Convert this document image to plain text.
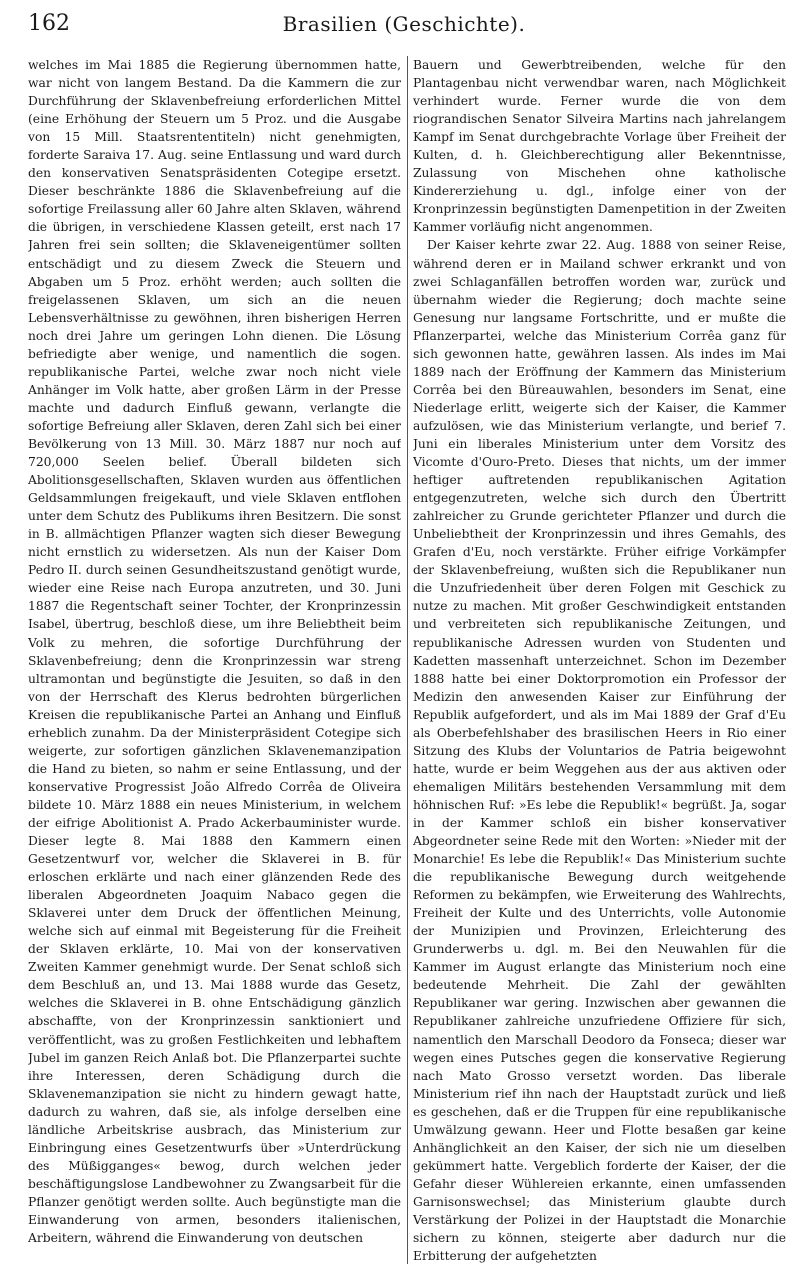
162	Brasilien (Geschichte).

welches im Mai 1885 die Regierung übernommen hatte, war nicht von langem Bestand. Da die Kammern die zur Durchführung der Sklavenbefreiung erforderlichen Mittel (eine Erhöhung der Steuern um 5 Proz. und die Ausgabe von 15 Mill. Staatsrententiteln) nicht genehmigten, forderte Saraiva 17. Aug. seine Entlassung und ward durch den konservativen Senatspräsidenten Cotegipe ersetzt. Dieser beschränkte 1886 die Sklavenbefreiung auf die sofortige Freilassung aller 60 Jahre alten Sklaven, während die übrigen, in verschiedene Klassen geteilt, erst nach 17 Jahren frei sein sollten; die Sklaveneigentümer sollten entschädigt und zu diesem Zweck die Steuern und Abgaben um 5 Proz. erhöht werden; auch sollten die freigelassenen Sklaven, um sich an die neuen Lebensverhältnisse zu gewöhnen, ihren bisherigen Herren noch drei Jahre um geringen Lohn dienen. Die Lösung befriedigte aber wenige, und namentlich die sogen. republikanische Partei, welche zwar noch nicht viele Anhänger im Volk hatte, aber großen Lärm in der Presse machte und dadurch Einfluß gewann, verlangte die sofortige Befreiung aller Sklaven, deren Zahl sich bei einer Bevölkerung von 13 Mill. 30. März 1887 nur noch auf 720,000 Seelen belief. Überall bildeten sich Abolitionsgesellschaften, Sklaven wurden aus öffentlichen Geldsammlungen freigekauft, und viele Sklaven entflohen unter dem Schutz des Publikums ihren Besitzern. Die sonst in B. allmächtigen Pflanzer wagten sich dieser Bewegung nicht ernstlich zu widersetzen. Als nun der Kaiser Dom Pedro II. durch seinen Gesundheitszustand genötigt wurde, wieder eine Reise nach Europa anzutreten, und 30. Juni 1887 die Regentschaft seiner Tochter, der Kronprinzessin Isabel, übertrug, beschloß diese, um ihre Beliebtheit beim Volk zu mehren, die sofortige Durchführung der Sklavenbefreiung; denn die Kronprinzessin war streng ultramontan und begünstigte die Jesuiten, so daß in den von der Herrschaft des Klerus bedrohten bürgerlichen Kreisen die republikanische Partei an Anhang und Einfluß erheblich zunahm. Da der Ministerpräsident Cotegipe sich weigerte, zur sofortigen gänzlichen Sklavenemanzipation die Hand zu bieten, so nahm er seine Entlassung, und der konservative Progressist João Alfredo Corrêa de Oliveira bildete 10. März 1888 ein neues Ministerium, in welchem der eifrige Abolitionist A. Prado Ackerbauminister wurde. Dieser legte 8. Mai 1888 den Kammern einen Gesetzentwurf vor, welcher die Sklaverei in B. für erloschen erklärte und nach einer glänzenden Rede des liberalen Abgeordneten Joaquim Nabaco gegen die Sklaverei unter dem Druck der öffentlichen Meinung, welche sich auf einmal mit Begeisterung für die Freiheit der Sklaven erklärte, 10. Mai von der konservativen Zweiten Kammer genehmigt wurde. Der Senat schloß sich dem Beschluß an, und 13. Mai 1888 wurde das Gesetz, welches die Sklaverei in B. ohne Entschädigung gänzlich abschaffte, von der Kronprinzessin sanktioniert und veröffentlicht, was zu großen Festlichkeiten und lebhaftem Jubel im ganzen Reich Anlaß bot. Die Pflanzerpartei suchte ihre Interessen, deren Schädigung durch die Sklavenemanzipation sie nicht zu hindern gewagt hatte, dadurch zu wahren, daß sie, als infolge derselben eine ländliche Arbeitskrise ausbrach, das Ministerium zur Einbringung eines Gesetzentwurfs über »Unterdrückung des Müßigganges« bewog, durch welchen jeder beschäftigungslose Landbewohner zu Zwangsarbeit für die Pflanzer genötigt werden sollte. Auch begünstigte man die Einwanderung von armen, besonders italienischen, Arbeitern, während die Einwanderung von deutschen

Bauern und Gewerbtreibenden, welche für den Plantagenbau nicht verwendbar waren, nach Möglichkeit verhindert wurde. Ferner wurde die von dem riograndischen Senator Silveira Martins nach jahrelangem Kampf im Senat durchgebrachte Vorlage über Freiheit der Kulten, d. h. Gleichberechtigung aller Bekenntnisse, Zulassung von Mischehen ohne katholische Kindererziehung u. dgl., infolge einer von der Kronprinzessin begünstigten Damenpetition in der Zweiten Kammer vorläufig nicht angenommen.

Der Kaiser kehrte zwar 22. Aug. 1888 von seiner Reise, während deren er in Mailand schwer erkrankt und von zwei Schlaganfällen betroffen worden war, zurück und übernahm wieder die Regierung; doch machte seine Genesung nur langsame Fortschritte, und er mußte die Pflanzerpartei, welche das Ministerium Corrêa ganz für sich gewonnen hatte, gewähren lassen. Als indes im Mai 1889 nach der Eröffnung der Kammern das Ministerium Corrêa bei den Büreauwahlen, besonders im Senat, eine Niederlage erlitt, weigerte sich der Kaiser, die Kammer aufzulösen, wie das Ministerium verlangte, und berief 7. Juni ein liberales Ministerium unter dem Vorsitz des Vicomte d'Ouro-Preto. Dieses that nichts, um der immer heftiger auftretenden republikanischen Agitation entgegenzutreten, welche sich durch den Übertritt zahlreicher zu Grunde gerichteter Pflanzer und durch die Unbeliebtheit der Kronprinzessin und ihres Gemahls, des Grafen d'Eu, noch verstärkte. Früher eifrige Vorkämpfer der Sklavenbefreiung, wußten sich die Republikaner nun die Unzufriedenheit über deren Folgen mit Geschick zu nutze zu machen. Mit großer Geschwindigkeit entstanden und verbreiteten sich republikanische Zeitungen, und republikanische Adressen wurden von Studenten und Kadetten massenhaft unterzeichnet. Schon im Dezember 1888 hatte bei einer Doktorpromotion ein Professor der Medizin den anwesenden Kaiser zur Einführung der Republik aufgefordert, und als im Mai 1889 der Graf d'Eu als Oberbefehlshaber des brasilischen Heers in Rio einer Sitzung des Klubs der Voluntarios de Patria beigewohnt hatte, wurde er beim Weggehen aus der aus aktiven oder ehemaligen Militärs bestehenden Versammlung mit dem höhnischen Ruf: »Es lebe die Republik!« begrüßt. Ja, sogar in der Kammer schloß ein bisher konservativer Abgeordneter seine Rede mit den Worten: »Nieder mit der Monarchie! Es lebe die Republik!« Das Ministerium suchte die republikanische Bewegung durch weitgehende Reformen zu bekämpfen, wie Erweiterung des Wahlrechts, Freiheit der Kulte und des Unterrichts, volle Autonomie der Munizipien und Provinzen, Erleichterung des Grunderwerbs u. dgl. m. Bei den Neuwahlen für die Kammer im August erlangte das Ministerium noch eine bedeutende Mehrheit. Die Zahl der gewählten Republikaner war gering. Inzwischen aber gewannen die Republikaner zahlreiche unzufriedene Offiziere für sich, namentlich den Marschall Deodoro da Fonseca; dieser war wegen eines Putsches gegen die konservative Regierung nach Mato Grosso versetzt worden. Das liberale Ministerium rief ihn nach der Hauptstadt zurück und ließ es geschehen, daß er die Truppen für eine republikanische Umwälzung gewann. Heer und Flotte besaßen gar keine Anhänglichkeit an den Kaiser, der sich nie um dieselben gekümmert hatte. Vergeblich forderte der Kaiser, der die Gefahr dieser Wühlereien erkannte, einen umfassenden Garnisonswechsel; das Ministerium glaubte durch Verstärkung der Polizei in der Hauptstadt die Monarchie sichern zu können, steigerte aber dadurch nur die Erbitterung der aufgehetzten
